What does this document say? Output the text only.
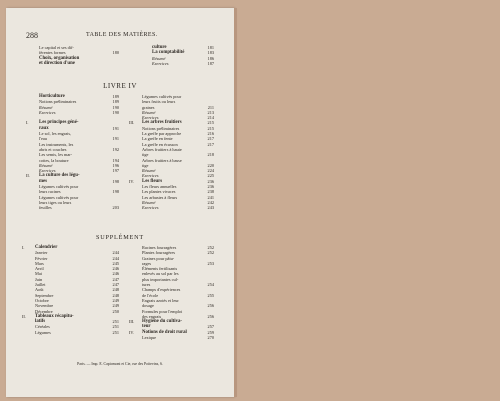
288	TABLE DES MATIÈRES.
Le capital et ses dif-
férentes formes	180
Choix, organisation
et direction d'une
culture	181
La comptabilité	183
Résumé	186
Exercices	187
LIVRE IV
Horticulture	189
Notions préliminaires	189
Résumé	190
Exercices	190
I. Les principes géné-
raux	191
Le sol, les engrais,
l'eau	191
Les instruments, les
abris et couches	192
Les semis, les mar-
cottes, la bouture	194
Résumé	196
Exercices	197
II. La culture des légu-
mes	198
Légumes cultivés pour
leurs racines	198
Légumes cultivés pour
leurs tiges ou leurs
feuilles	203
Légumes cultivés pour
leurs fruits ou leurs
graines	211
Résumé	213
Exercices	214
III. Les arbres fruitiers	215
Notions préliminaires	215
La greffe par approche	216
La greffe en fente	217
La greffe en écusson	217
Arbres fruitiers à haute
tige	218
Arbres fruitiers à basse
tige	220
Résumé	224
Exercices	225
IV. Les fleurs	236
Les fleurs annuelles	236
Les plantes vivaces	238
Les arbustes à fleurs	241
Résumé	242
Exercices	243
SUPPLÉMENT
I. Calendrier
Janvier	244
Février	244
Mars	245
Avril	246
Mai	246
Juin	247
Juillet	247
Août	248
Septembre	248
Octobre	249
Novembre	249
Décembre	250
II. Tableaux récapitu-
latifs	251
Céréales	251
Légumes	251
Racines fourragères	252
Plantes fourragères	252
Graines pour pâtu-
rages	253
Éléments fertilisants
enlevés au sol par les
plus importantes cul-
tures	254
Champs d'expériences
de l'école	255
Engrais azotés et leur
dosage	256
Formules pour l'emploi
des engrais	256
III. Hygiène du cultiva-
teur	257
IV. Notions de droit rural	259
Lexique	270
Paris. — Imp. E. Capiomont et Cie, rue des Poitevins, 6.
